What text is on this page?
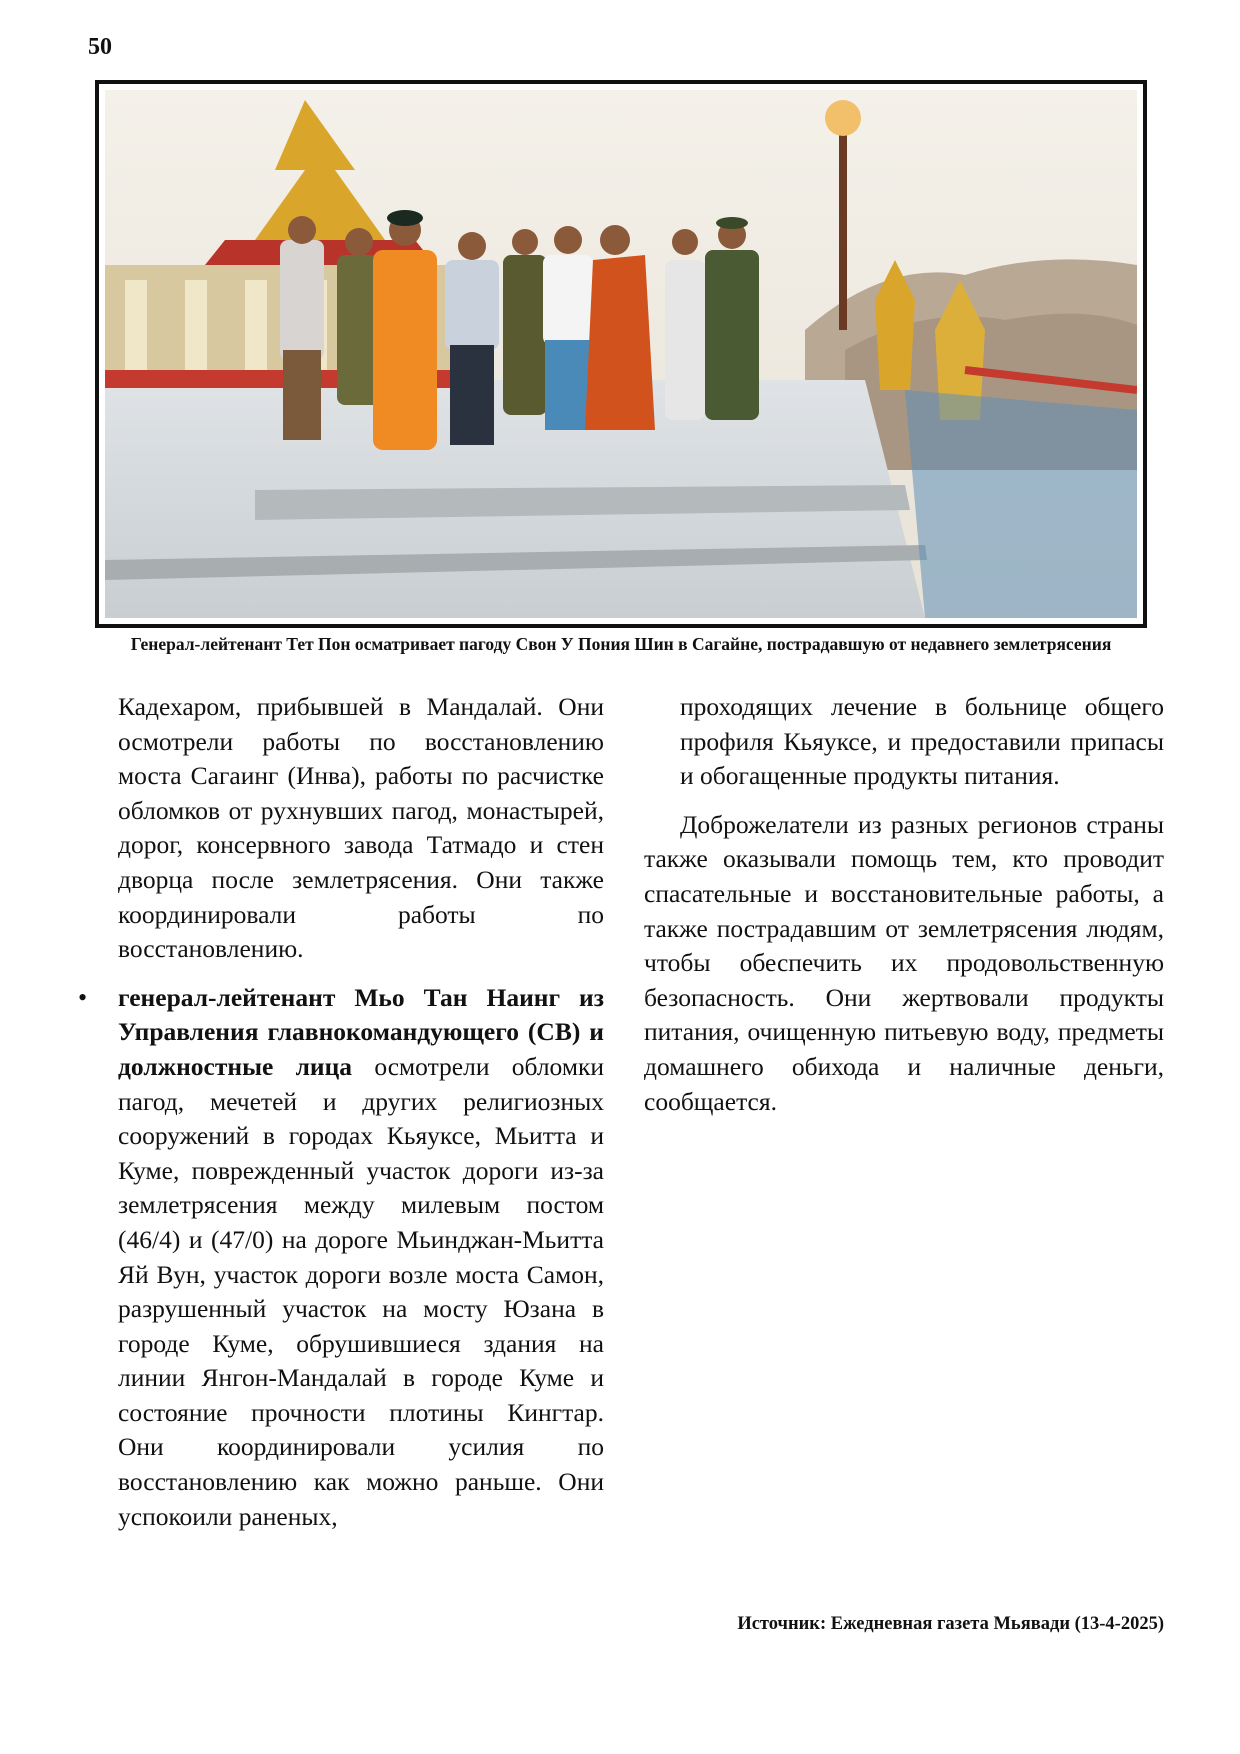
50
Генерал-лейтенант Тет Пон осматривает пагоду Свон У Пония Шин в Сагайне, пострадавшую от недавнего землетрясения

Кадехаром, прибывшей в Мандалай. Они осмотрели работы по восстановлению моста Сагаинг (Инва), работы по расчистке обломков от рухнувших пагод, монастырей, дорог, консервного завода Татмадо и стен дворца после землетрясения. Они также координировали работы по восстановлению.

• генерал-лейтенант Мьо Тан Наинг из Управления главнокомандующего (СВ) и должностные лица осмотрели обломки пагод, мечетей и других религиозных сооружений в городах Кьяуксе, Мьитта и Куме, поврежденный участок дороги из-за землетрясения между милевым постом (46/4) и (47/0) на дороге Мьинджан-Мьитта Яй Вун, участок дороги возле моста Самон, разрушенный участок на мосту Юзана в городе Куме, обрушившиеся здания на линии Янгон-Мандалай в городе Куме и состояние прочности плотины Кингтар. Они координировали усилия по восстановлению как можно раньше. Они успокоили раненых,

проходящих лечение в больнице общего профиля Кьяуксе, и предоставили припасы и обогащенные продукты питания.

Доброжелатели из разных регионов страны также оказывали помощь тем, кто проводит спасательные и восстановительные работы, а также пострадавшим от землетрясения людям, чтобы обеспечить их продовольственную безопасность. Они жертвовали продукты питания, очищенную питьевую воду, предметы домашнего обихода и наличные деньги, сообщается.

Источник: Ежедневная газета Мьявади (13-4-2025)
